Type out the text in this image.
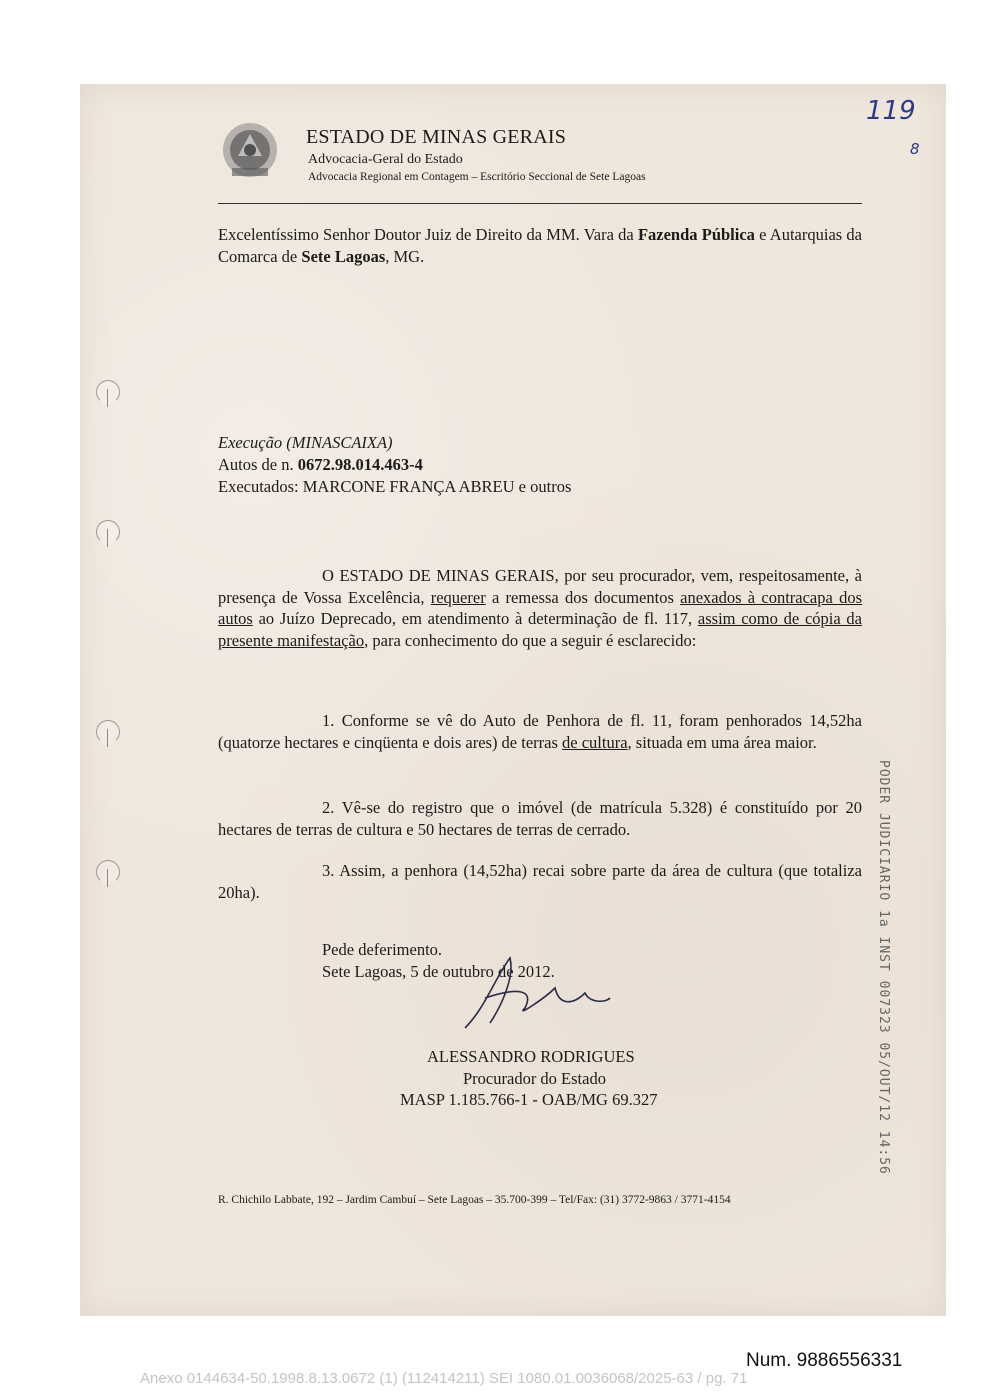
ESTADO DE MINAS GERAIS
Advocacia-Geral do Estado
Advocacia Regional em Contagem – Escritório Seccional de Sete Lagoas
119
8
Excelentíssimo Senhor Doutor Juiz de Direito da MM. Vara da Fazenda Pública e Autarquias da Comarca de Sete Lagoas, MG.
Execução (MINASCAIXA)
Autos de n. 0672.98.014.463-4
Executados: MARCONE FRANÇA ABREU e outros
O ESTADO DE MINAS GERAIS, por seu procurador, vem, respeitosamente, à presença de Vossa Excelência, requerer a remessa dos documentos anexados à contracapa dos autos ao Juízo Deprecado, em atendimento à determinação de fl. 117, assim como de cópia da presente manifestação, para conhecimento do que a seguir é esclarecido:
1. Conforme se vê do Auto de Penhora de fl. 11, foram penhorados 14,52ha (quatorze hectares e cinqüenta e dois ares) de terras de cultura, situada em uma área maior.
2. Vê-se do registro que o imóvel (de matrícula 5.328) é constituído por 20 hectares de terras de cultura e 50 hectares de terras de cerrado.
3. Assim, a penhora (14,52ha) recai sobre parte da área de cultura (que totaliza 20ha).
Pede deferimento.
Sete Lagoas, 5 de outubro de 2012.
ALESSANDRO RODRIGUES
Procurador do Estado
MASP 1.185.766-1 - OAB/MG 69.327
R. Chichilo Labbate, 192 – Jardim Cambuí – Sete Lagoas – 35.700-399 – Tel/Fax: (31) 3772-9863 / 3771-4154
PODER JUDICIARIO 1a INST 007323 05/OUT/12 14:56
Num. 9886556331
Anexo 0144634-50.1998.8.13.0672 (1) (112414211) SEI 1080.01.0036068/2025-63 / pg. 71
